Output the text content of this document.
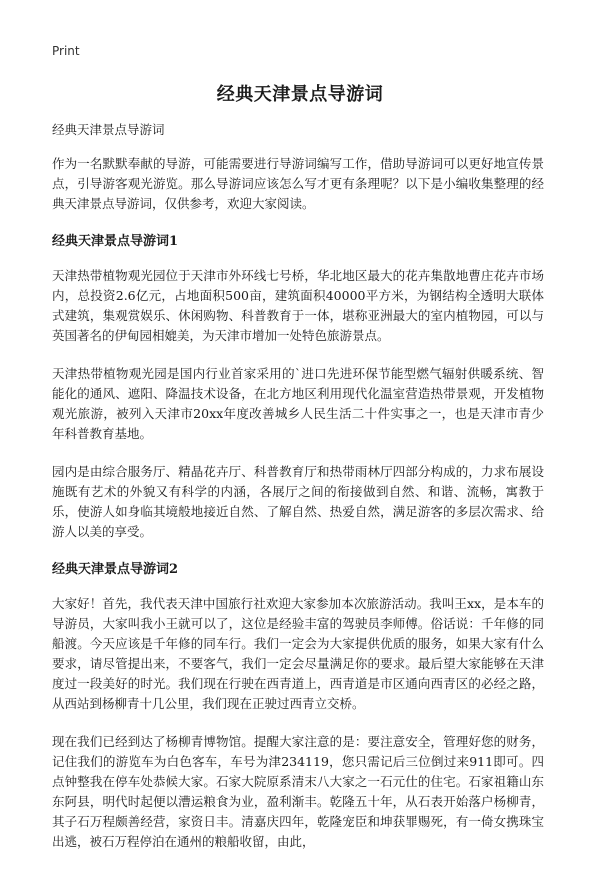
Print
经典天津景点导游词
经典天津景点导游词

作为一名默默奉献的导游，可能需要进行导游词编写工作，借助导游词可以更好地宣传景点，引导游客观光游览。那么导游词应该怎么写才更有条理呢？以下是小编收集整理的经典天津景点导游词，仅供参考，欢迎大家阅读。

经典天津景点导游词1

天津热带植物观光园位于天津市外环线七号桥，华北地区最大的花卉集散地曹庄花卉市场内，总投资2.6亿元，占地面积500亩，建筑面积40000平方米，为钢结构全透明大联体式建筑，集观赏娱乐、休闲购物、科普教育于一体，堪称亚洲最大的室内植物园，可以与英国著名的伊甸园相媲美，为天津市增加一处特色旅游景点。

天津热带植物观光园是国内行业首家采用的`进口先进环保节能型燃气辐射供暖系统、智能化的通风、遮阳、降温技术设备，在北方地区利用现代化温室营造热带景观，开发植物观光旅游，被列入天津市20xx年度改善城乡人民生活二十件实事之一，也是天津市青少年科普教育基地。

园内是由综合服务厅、精晶花卉厅、科普教育厅和热带雨林厅四部分构成的，力求布展设施既有艺术的外貌又有科学的内涵，各展厅之间的衔接做到自然、和谐、流畅，寓教于乐，使游人如身临其境般地接近自然、了解自然、热爱自然，满足游客的多层次需求、给游人以美的享受。

经典天津景点导游词2

大家好！首先，我代表天津中国旅行社欢迎大家参加本次旅游活动。我叫王xx，是本车的导游员，大家叫我小王就可以了，这位是经验丰富的驾驶员李师傅。俗话说：千年修的同船渡。今天应该是千年修的同车行。我们一定会为大家提供优质的服务，如果大家有什么要求，请尽管提出来，不要客气，我们一定会尽量满足你的要求。最后望大家能够在天津度过一段美好的时光。我们现在行驶在西青道上，西青道是市区通向西青区的必经之路，从西站到杨柳青十几公里，我们现在正驶过西青立交桥。

现在我们已经到达了杨柳青博物馆。提醒大家注意的是：要注意安全，管理好您的财务，记住我们的游览车为白色客车，车号为津234119，您只需记后三位倒过来911即可。四点钟整我在停车处恭候大家。石家大院原系清末八大家之一石元仕的住宅。石家祖籍山东东阿县，明代时起便以漕运粮食为业，盈利渐丰。乾隆五十年，从石表开始落户杨柳青，其子石万程颇善经营，家资日丰。清嘉庆四年，乾隆宠臣和坤获罪赐死，有一倚女携珠宝出逃，被石万程停泊在通州的粮船收留，由此，
